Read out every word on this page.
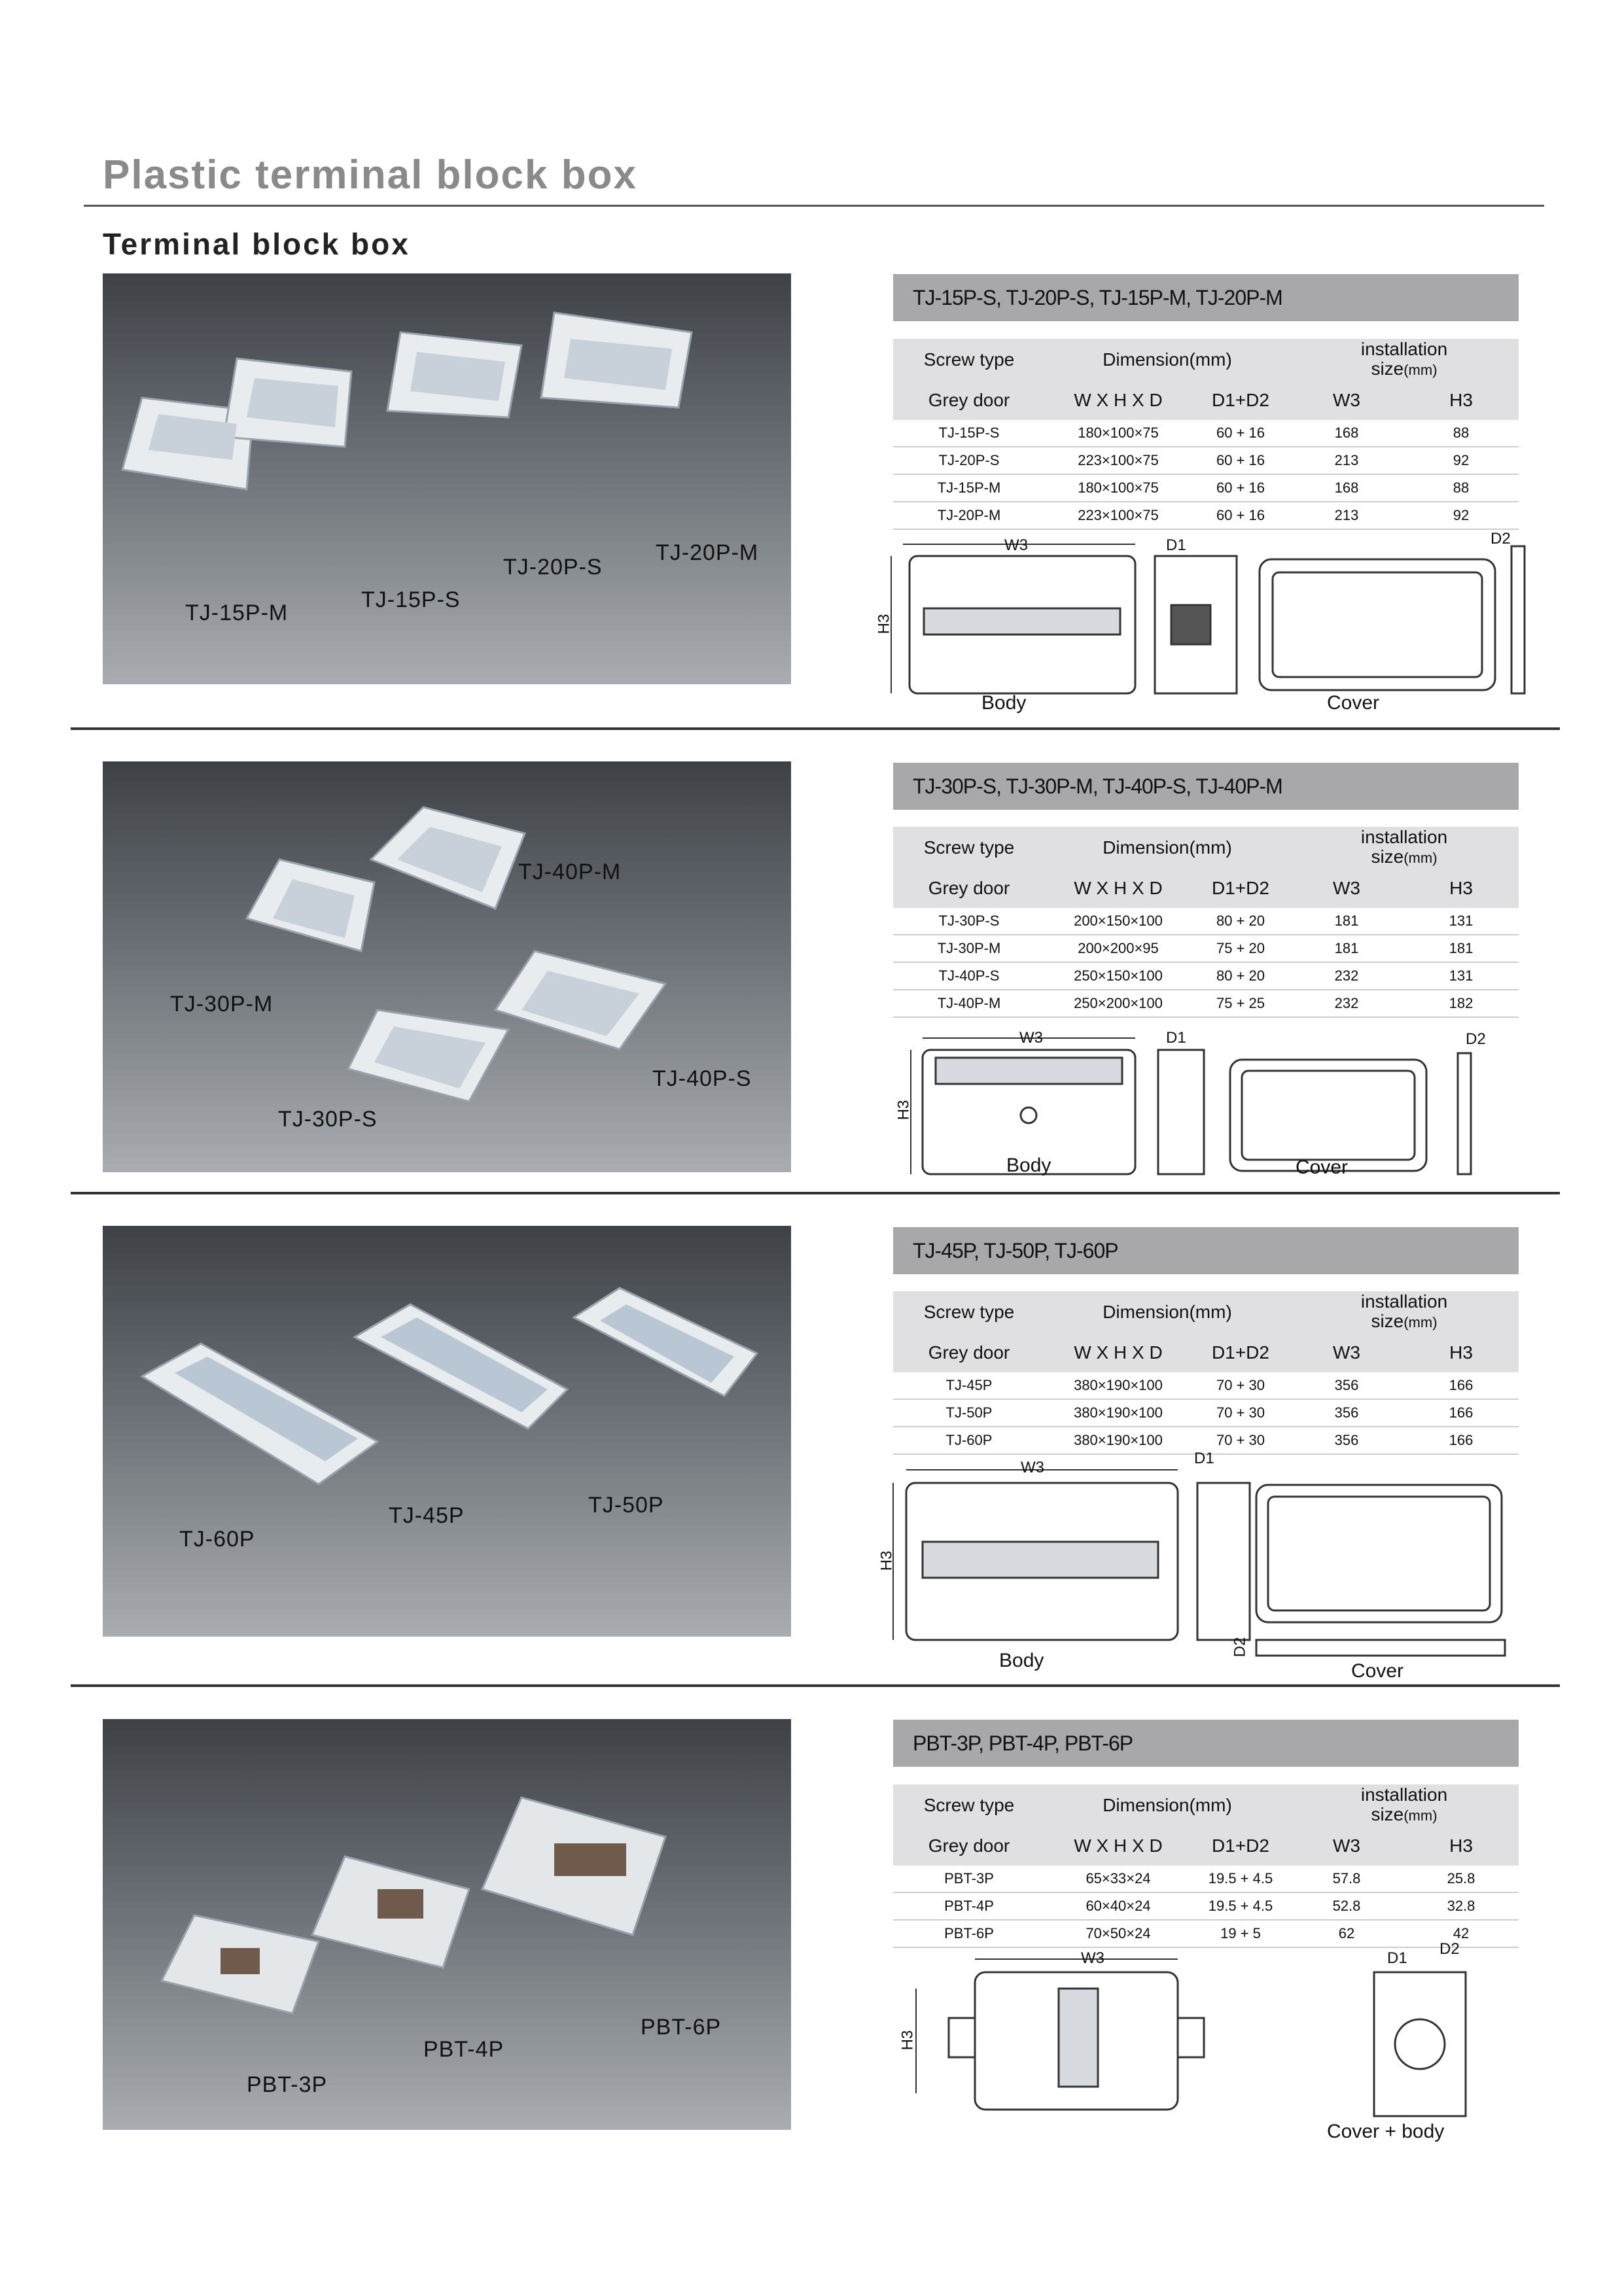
Plastic terminal block box
Terminal block box
TJ-15P-M
TJ-15P-S
TJ-20P-S
TJ-20P-M
TJ-15P-S, TJ-20P-S, TJ-15P-M, TJ-20P-M
Screw type	Dimension(mm)		installation
size(mm)	
Grey door	W X H X D	D1+D2	W3	H3
TJ-15P-S	180×100×75	60 + 16	168	88
TJ-20P-S	223×100×75	60 + 16	213	92
TJ-15P-M	180×100×75	60 + 16	168	88
TJ-20P-M	223×100×75	60 + 16	213	92
W3
H3
D1	D2
Body	Cover
TJ-40P-M
TJ-30P-M
TJ-40P-S
TJ-30P-S
TJ-30P-S, TJ-30P-M, TJ-40P-S, TJ-40P-M
Screw type	Dimension(mm)		installation
size(mm)	
Grey door	W X H X D	D1+D2	W3	H3
TJ-30P-S	200×150×100	80 + 20	181	131
TJ-30P-M	200×200×95	75 + 20	181	181
TJ-40P-S	250×150×100	80 + 20	232	131
TJ-40P-M	250×200×100	75 + 25	232	182
W3
H3
D1	D2
Body	Cover
TJ-60P
TJ-45P	TJ-50P
TJ-45P, TJ-50P, TJ-60P
Screw type	Dimension(mm)		installation
size(mm)	
Grey door	W X H X D	D1+D2	W3	H3
TJ-45P	380×190×100	70 + 30	356	166
TJ-50P	380×190×100	70 + 30	356	166
TJ-60P	380×190×100	70 + 30	356	166
W3
H3
D1
D2
Body	Cover
PBT-3P
PBT-4P
PBT-6P
PBT-3P, PBT-4P, PBT-6P
Screw type	Dimension(mm)		installation
size(mm)	
Grey door	W X H X D	D1+D2	W3	H3
PBT-3P	65×33×24	19.5 + 4.5	57.8	25.8
PBT-4P	60×40×24	19.5 + 4.5	52.8	32.8
PBT-6P	70×50×24	19 + 5	62	42
W3
H3
D1
D2
Cover + body
